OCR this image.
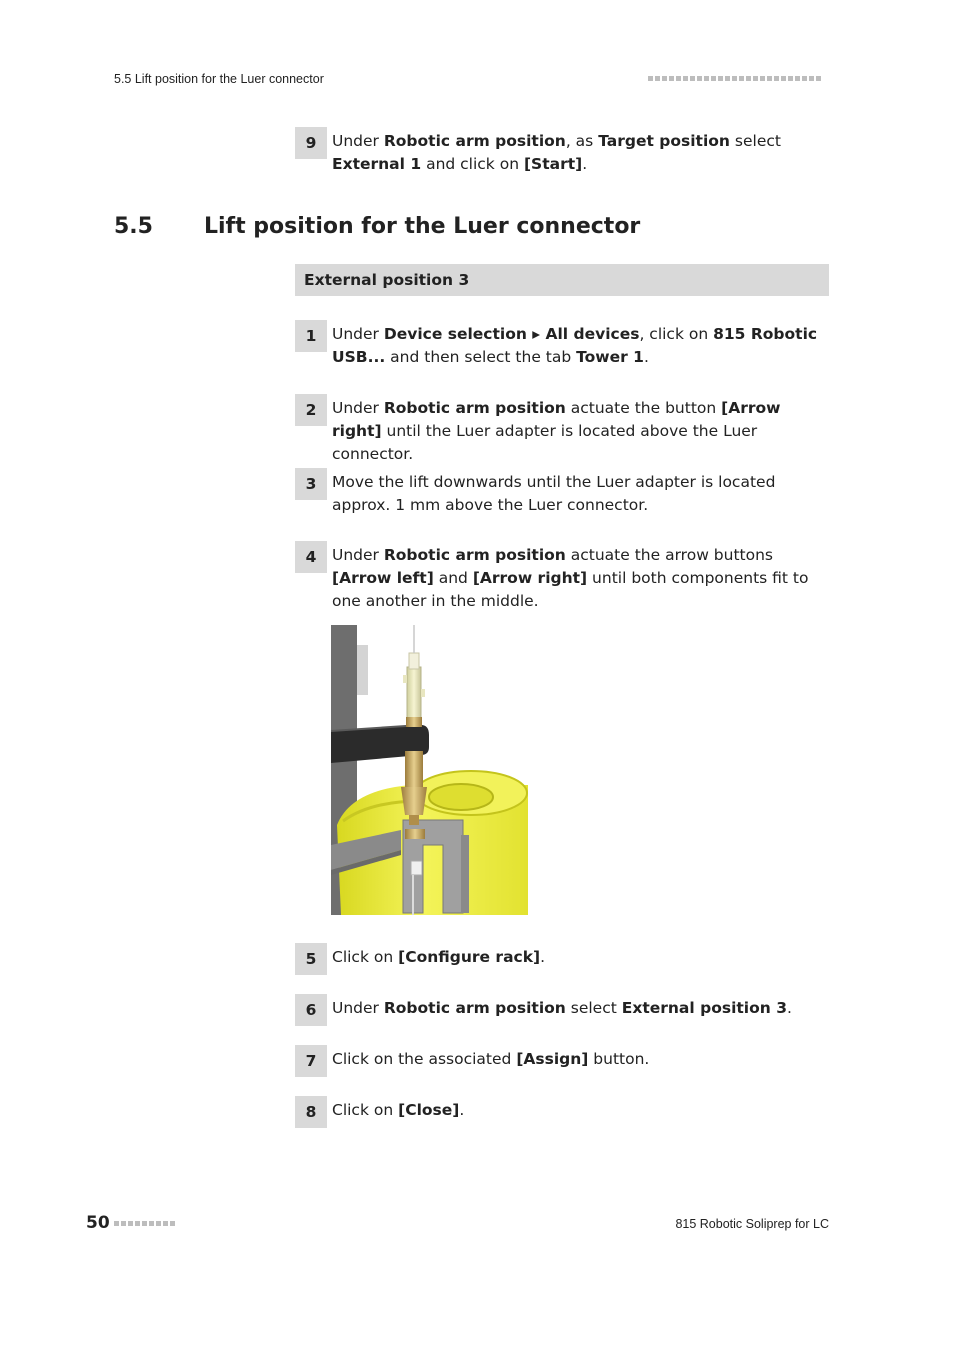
5.5 Lift position for the Luer connector
9	Under Robotic arm position, as Target position select External 1 and click on [Start].
5.5 Lift position for the Luer connector
External position 3
1	Under Device selection ▸ All devices, click on 815 Robotic USB... and then select the tab Tower 1.
2	Under Robotic arm position actuate the button [Arrow right] until the Luer adapter is located above the Luer connector.
3	Move the lift downwards until the Luer adapter is located approx. 1 mm above the Luer connector.
4	Under Robotic arm position actuate the arrow buttons [Arrow left] and [Arrow right] until both components fit to one another in the middle.
5	Click on [Configure rack].
6	Under Robotic arm position select External position 3.
7	Click on the associated [Assign] button.
8	Click on [Close].
50	815 Robotic Soliprep for LC
